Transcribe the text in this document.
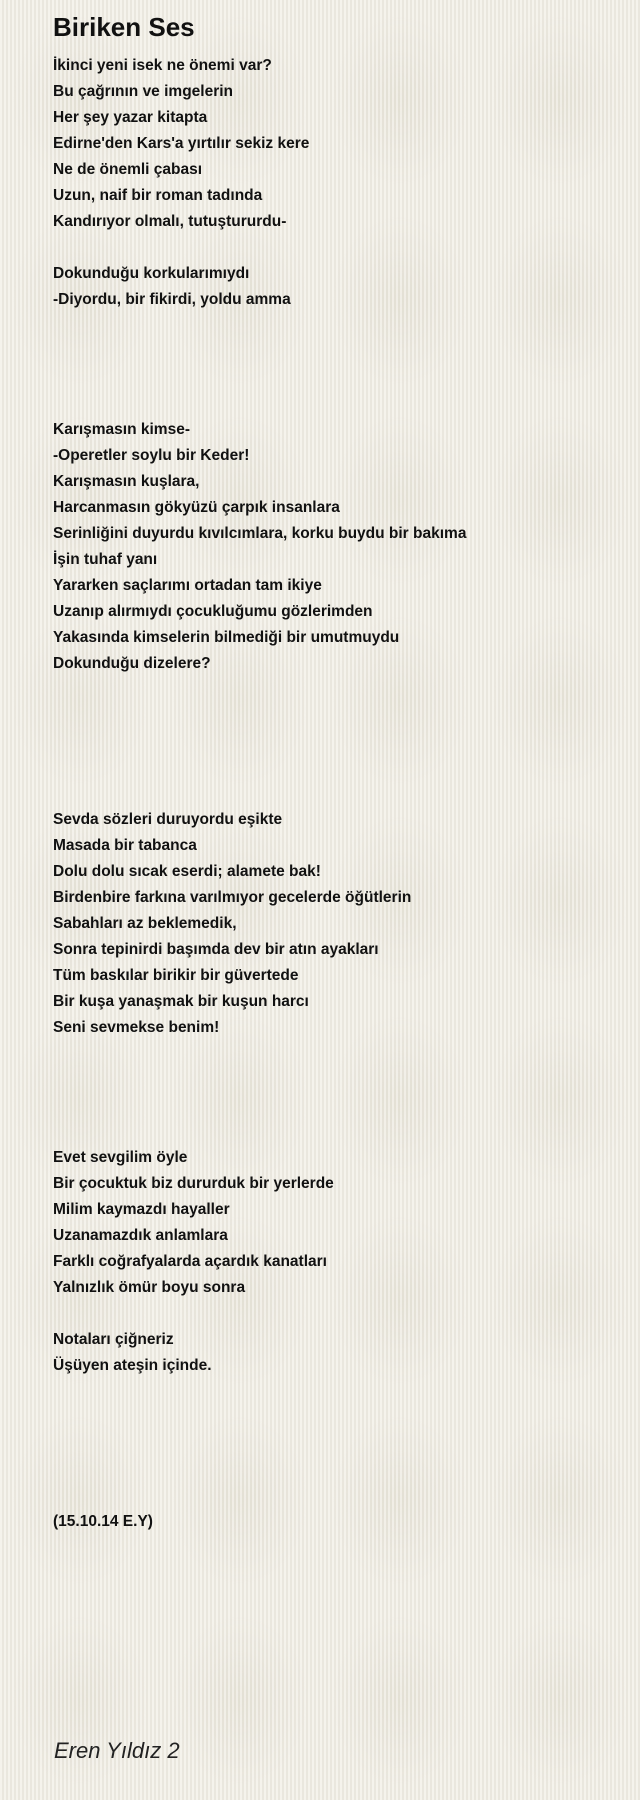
Biriken Ses
İkinci yeni isek ne önemi var?
Bu çağrının ve imgelerin
Her şey yazar kitapta
Edirne'den Kars'a yırtılır sekiz kere
Ne de önemli çabası
Uzun, naif bir roman tadında
Kandırıyor olmalı, tutuştururdu-
Dokunduğu korkularımıydı
-Diyordu, bir fikirdi, yoldu amma
Karışmasın kimse-
-Operetler soylu bir Keder!
Karışmasın kuşlara,
Harcanmasın gökyüzü çarpık insanlara
Serinliğini duyurdu kıvılcımlara, korku buydu bir bakıma
İşin tuhaf yanı
Yararken saçlarımı ortadan tam ikiye
Uzanıp alırmıydı çocukluğumu gözlerimden
Yakasında kimselerin bilmediği bir umutmuydu
Dokunduğu dizelere?
Sevda sözleri duruyordu eşikte
Masada bir tabanca
Dolu dolu sıcak eserdi; alamete bak!
Birdenbire farkına varılmıyor gecelerde öğütlerin
Sabahları az beklemedik,
Sonra tepinirdi başımda dev bir atın ayakları
Tüm baskılar birikir bir güvertede
Bir kuşa yanaşmak bir kuşun harcı
Seni sevmekse benim!
Evet sevgilim öyle
Bir çocuktuk biz dururduk bir yerlerde
Milim kaymazdı hayaller
Uzanamazdık anlamlara
Farklı coğrafyalarda açardık kanatları
Yalnızlık ömür boyu sonra
Notaları çiğneriz
Üşüyen ateşin içinde.
(15.10.14 E.Y)
Eren Yıldız 2
